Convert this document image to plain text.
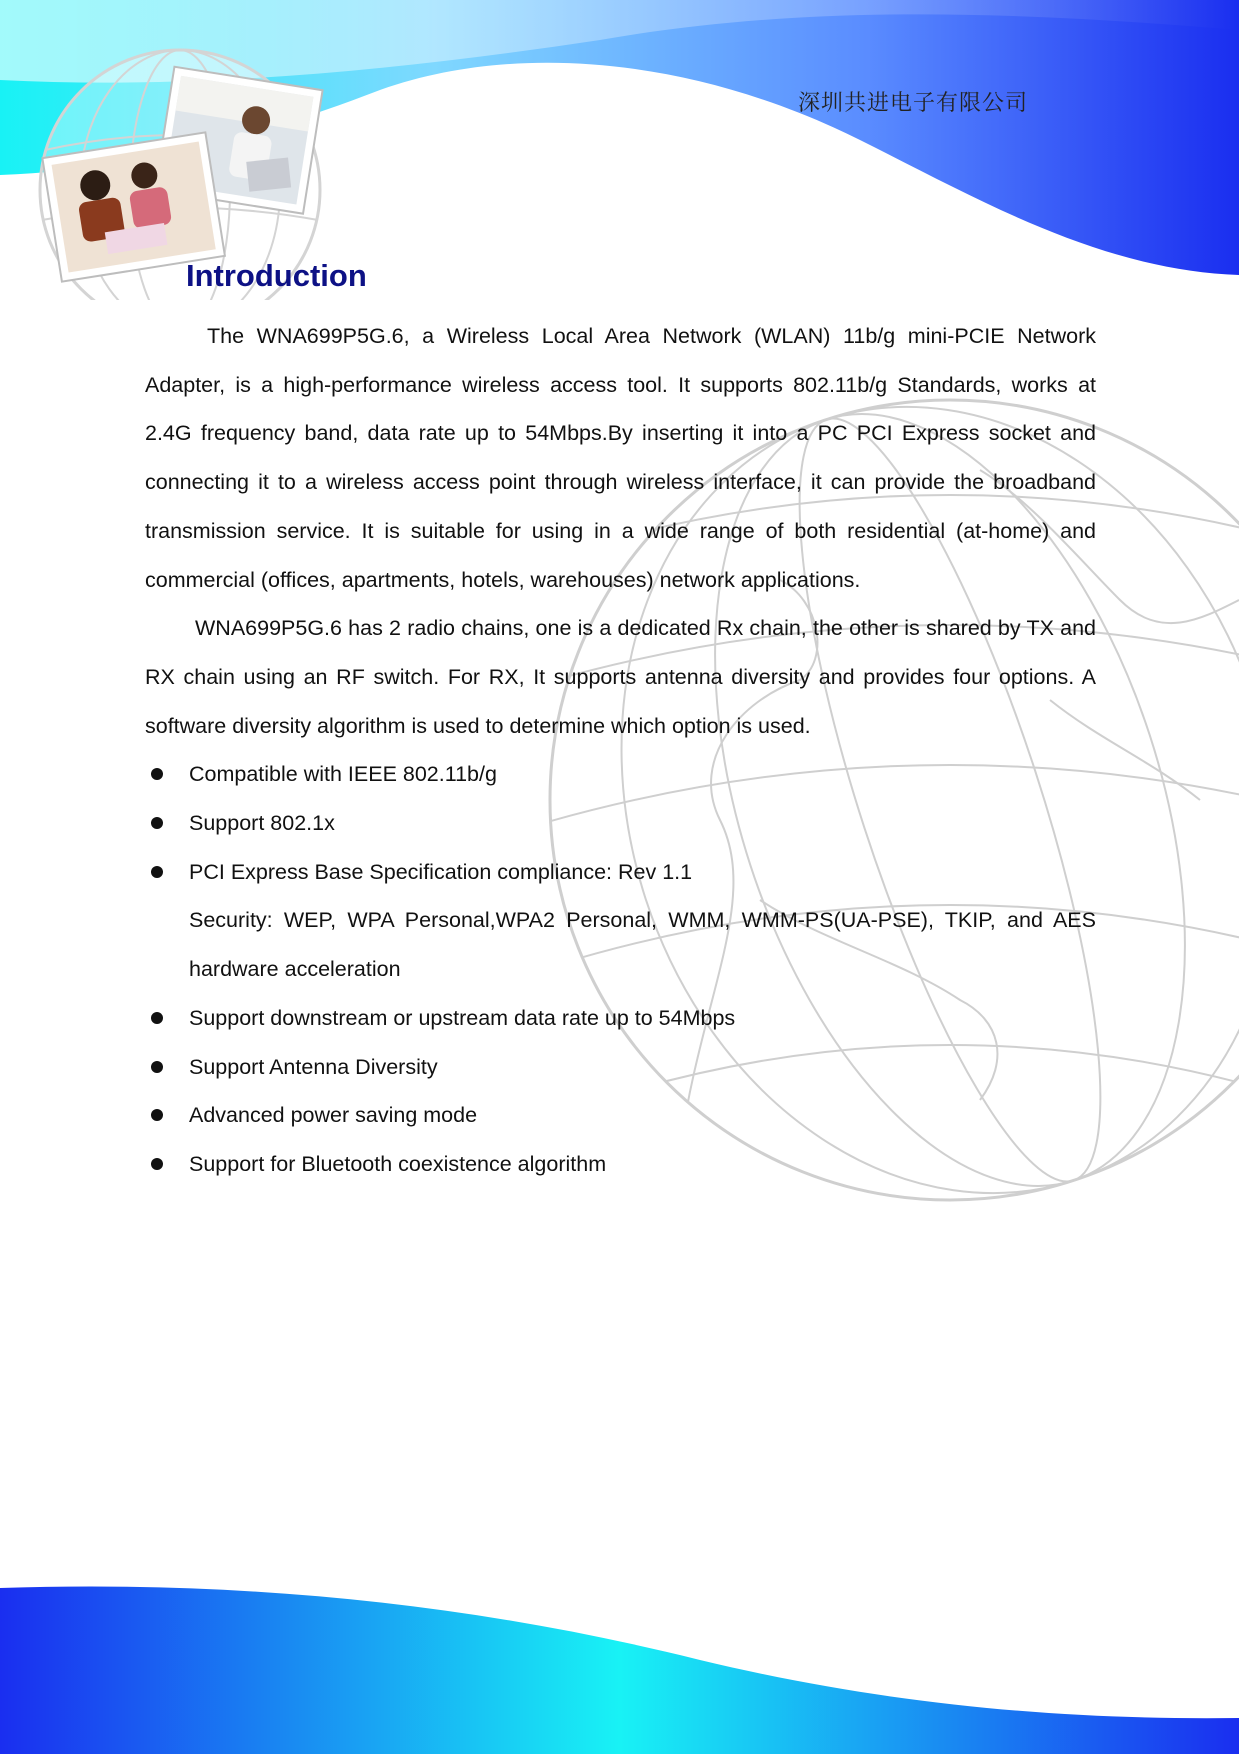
深圳共进电子有限公司
Introduction

The WNA699P5G.6, a Wireless Local Area Network (WLAN) 11b/g mini-PCIE Network Adapter, is a high-performance wireless access tool. It supports 802.11b/g Standards, works at 2.4G frequency band, data rate up to 54Mbps.By inserting it into a PC PCI Express socket and connecting it to a wireless access point through wireless interface, it can provide the broadband transmission service. It is suitable for using in a wide range of both residential (at-home) and commercial (offices, apartments, hotels, warehouses) network applications.

WNA699P5G.6 has 2 radio chains, one is a dedicated Rx chain, the other is shared by TX and RX chain using an RF switch. For RX, It supports antenna diversity and provides four options. A software diversity algorithm is used to determine which option is used.

Compatible with IEEE 802.11b/g
Support 802.1x
PCI Express Base Specification compliance: Rev 1.1
Security: WEP, WPA Personal,WPA2 Personal, WMM, WMM-PS(UA-PSE), TKIP, and AES hardware acceleration
Support downstream or upstream data rate up to 54Mbps
Support Antenna Diversity
Advanced power saving mode
Support for Bluetooth coexistence algorithm
